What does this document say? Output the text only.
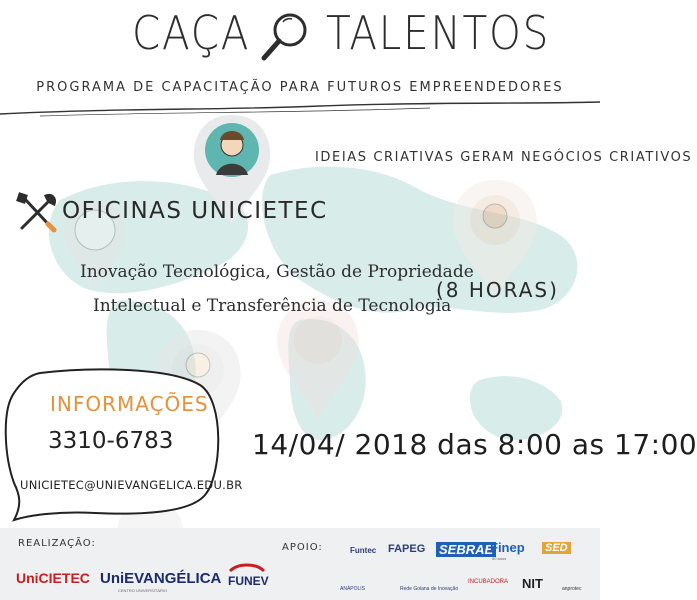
CAÇA TALENTOS
PROGRAMA DE CAPACITAÇÃO PARA FUTUROS EMPREENDEDORES
IDEIAS CRIATIVAS GERAM NEGÓCIOS CRIATIVOS
OFICINAS UNICIETEC
Inovação Tecnológica, Gestão de Propriedade
Intelectual e Transferência de Tecnologia
(8 HORAS)
INFORMAÇÕES
3310-6783
UNICIETEC@UNIEVANGELICA.EDU.BR
14/04/ 2018 das 8:00 as 17:00
REALIZAÇÃO:	APOIO:
UniCIETEC UniEVANGÉLICA
CENTRO UNIVERSITÁRIO
FUNEV
Funtec FAPEG SEBRAE
Finep
50 anos
SED
ANÁPOLIS	Rede Goiana de Inovação
INCUBADORA NIT	anprotec
